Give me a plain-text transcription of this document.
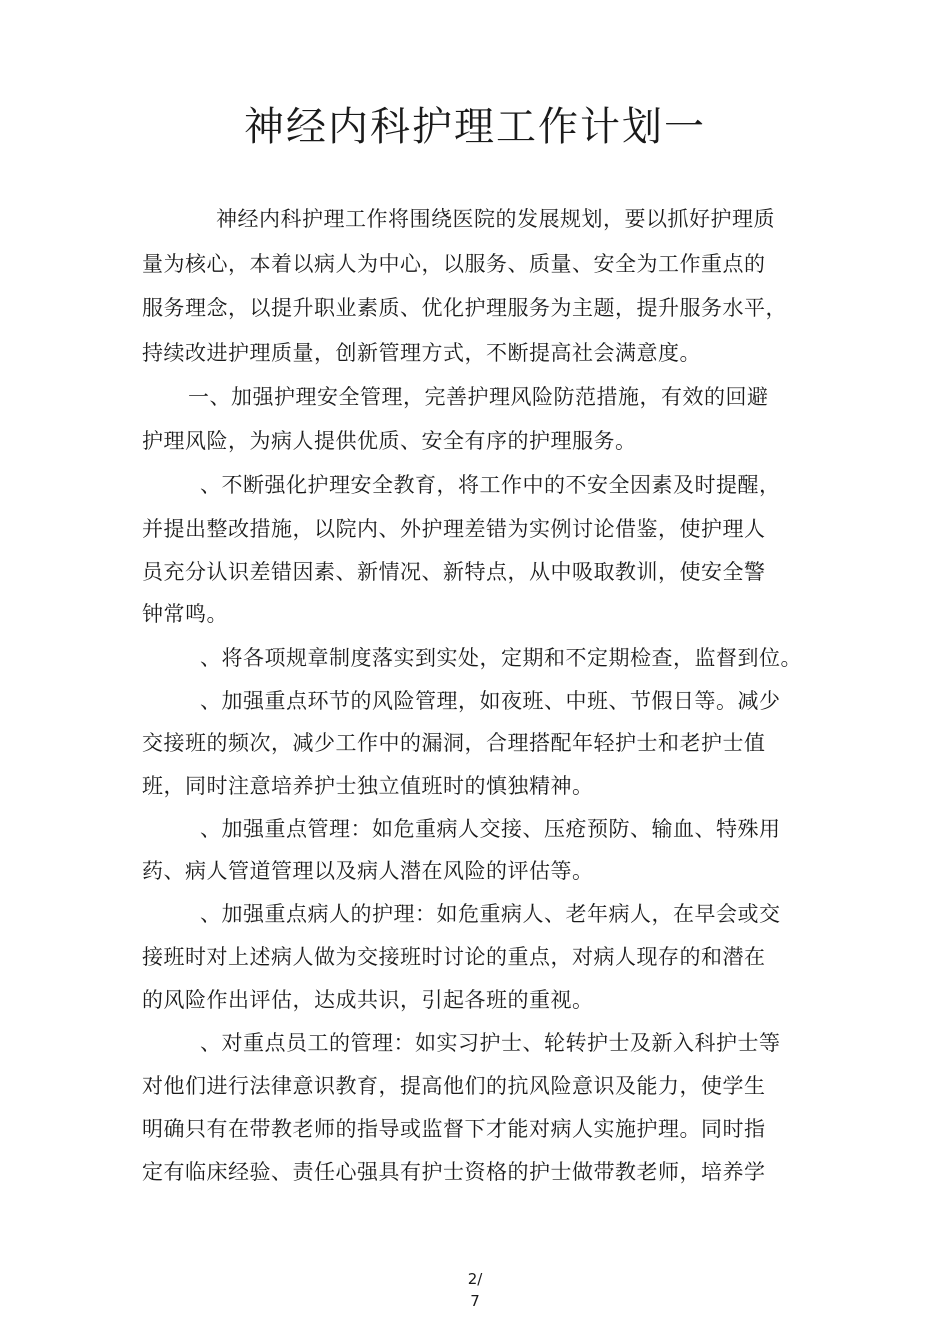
神经内科护理工作计划一
神经内科护理工作将围绕医院的发展规划，要以抓好护理质
量为核心，本着以病人为中心，以服务、质量、安全为工作重点的
服务理念，以提升职业素质、优化护理服务为主题，提升服务水平，
持续改进护理质量，创新管理方式，不断提高社会满意度。
一、加强护理安全管理，完善护理风险防范措施，有效的回避
护理风险，为病人提供优质、安全有序的护理服务。
、不断强化护理安全教育，将工作中的不安全因素及时提醒，
并提出整改措施，以院内、外护理差错为实例讨论借鉴，使护理人
员充分认识差错因素、新情况、新特点，从中吸取教训，使安全警
钟常鸣。
、将各项规章制度落实到实处，定期和不定期检查，监督到位。
、加强重点环节的风险管理，如夜班、中班、节假日等。减少
交接班的频次，减少工作中的漏洞，合理搭配年轻护士和老护士值
班，同时注意培养护士独立值班时的慎独精神。
、加强重点管理：如危重病人交接、压疮预防、输血、特殊用
药、病人管道管理以及病人潜在风险的评估等。
、加强重点病人的护理：如危重病人、老年病人，在早会或交
接班时对上述病人做为交接班时讨论的重点，对病人现存的和潜在
的风险作出评估，达成共识，引起各班的重视。
、对重点员工的管理：如实习护士、轮转护士及新入科护士等
对他们进行法律意识教育，提高他们的抗风险意识及能力，使学生
明确只有在带教老师的指导或监督下才能对病人实施护理。同时指
定有临床经验、责任心强具有护士资格的护士做带教老师，培养学
2/
7
